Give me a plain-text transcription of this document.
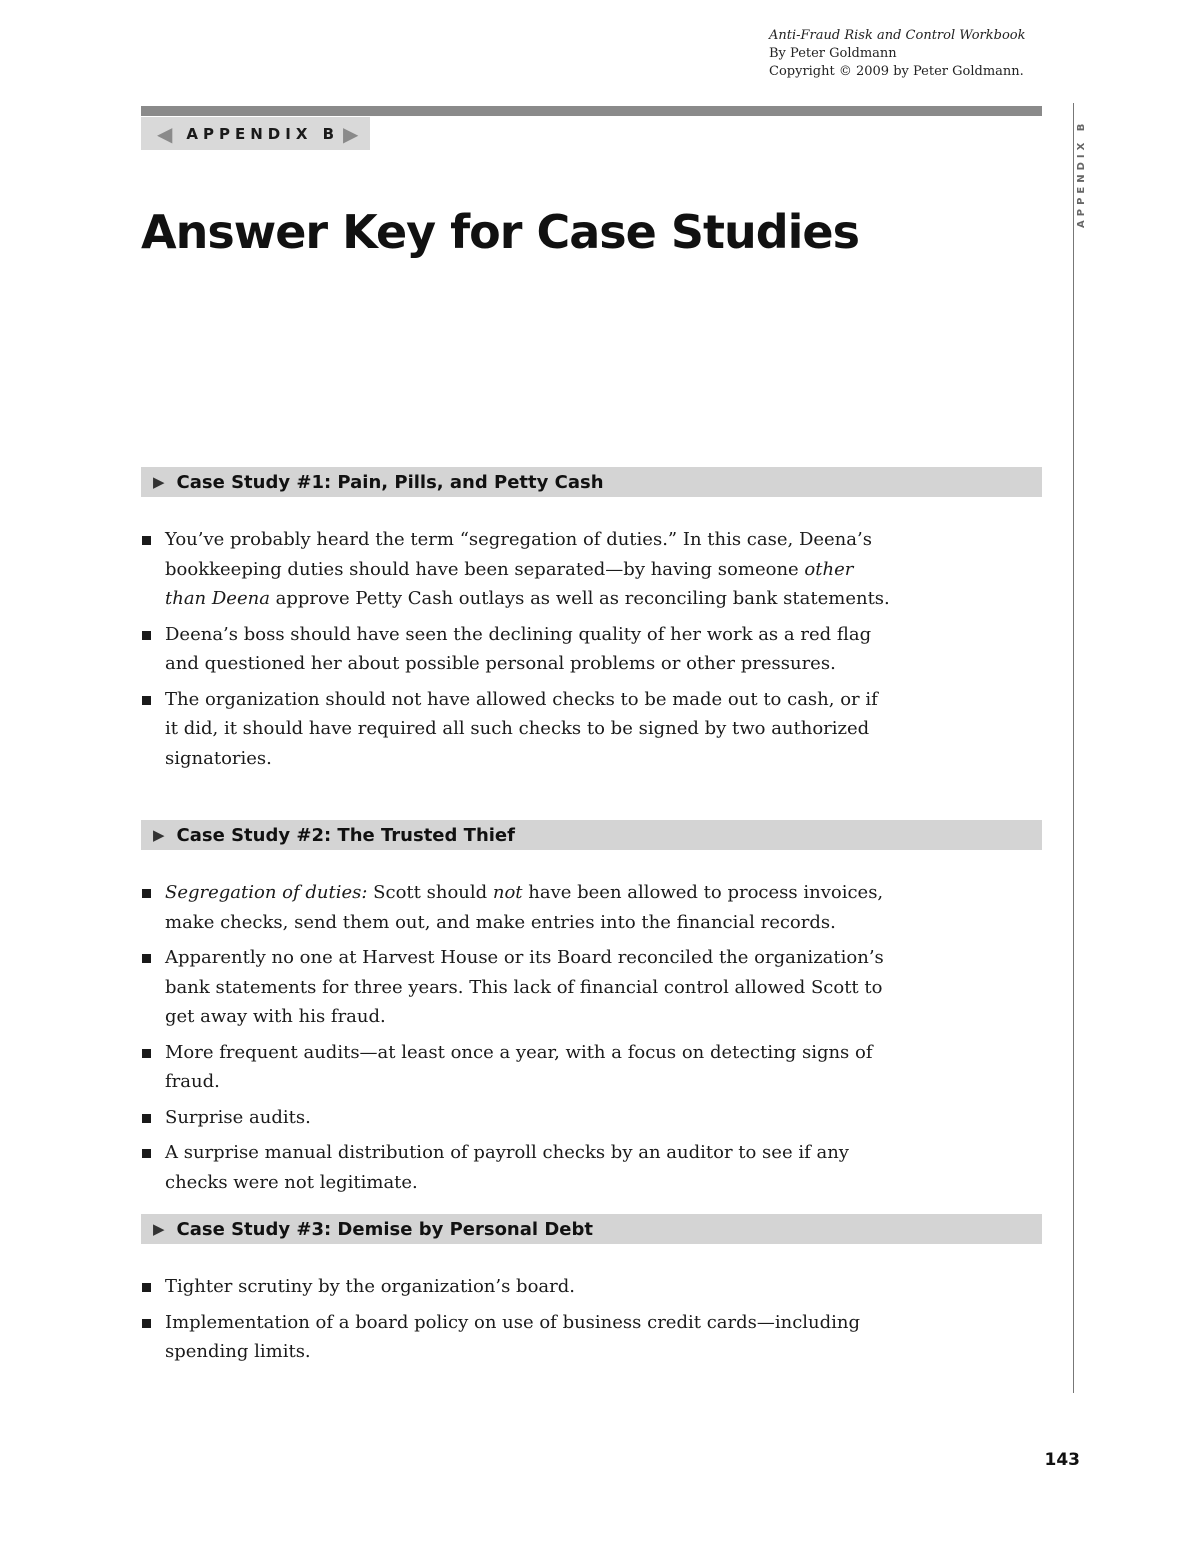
Anti-Fraud Risk and Control Workbook
By Peter Goldmann
Copyright © 2009 by Peter Goldmann.
◀ APPENDIX B ▶	APPENDIX B
Answer Key for Case Studies
▶ Case Study #1: Pain, Pills, and Petty Cash
You’ve probably heard the term “segregation of duties.” In this case, Deena’s bookkeeping duties should have been separated—by having someone other than Deena approve Petty Cash outlays as well as reconciling bank statements.
Deena’s boss should have seen the declining quality of her work as a red flag and questioned her about possible personal problems or other pressures.
The organization should not have allowed checks to be made out to cash, or if it did, it should have required all such checks to be signed by two authorized signatories.
▶ Case Study #2: The Trusted Thief
Segregation of duties: Scott should not have been allowed to process invoices, make checks, send them out, and make entries into the financial records.
Apparently no one at Harvest House or its Board reconciled the organization’s bank statements for three years. This lack of financial control allowed Scott to get away with his fraud.
More frequent audits—at least once a year, with a focus on detecting signs of fraud.
Surprise audits.
A surprise manual distribution of payroll checks by an auditor to see if any checks were not legitimate.
▶ Case Study #3: Demise by Personal Debt
Tighter scrutiny by the organization’s board.
Implementation of a board policy on use of business credit cards—including spending limits.
143
